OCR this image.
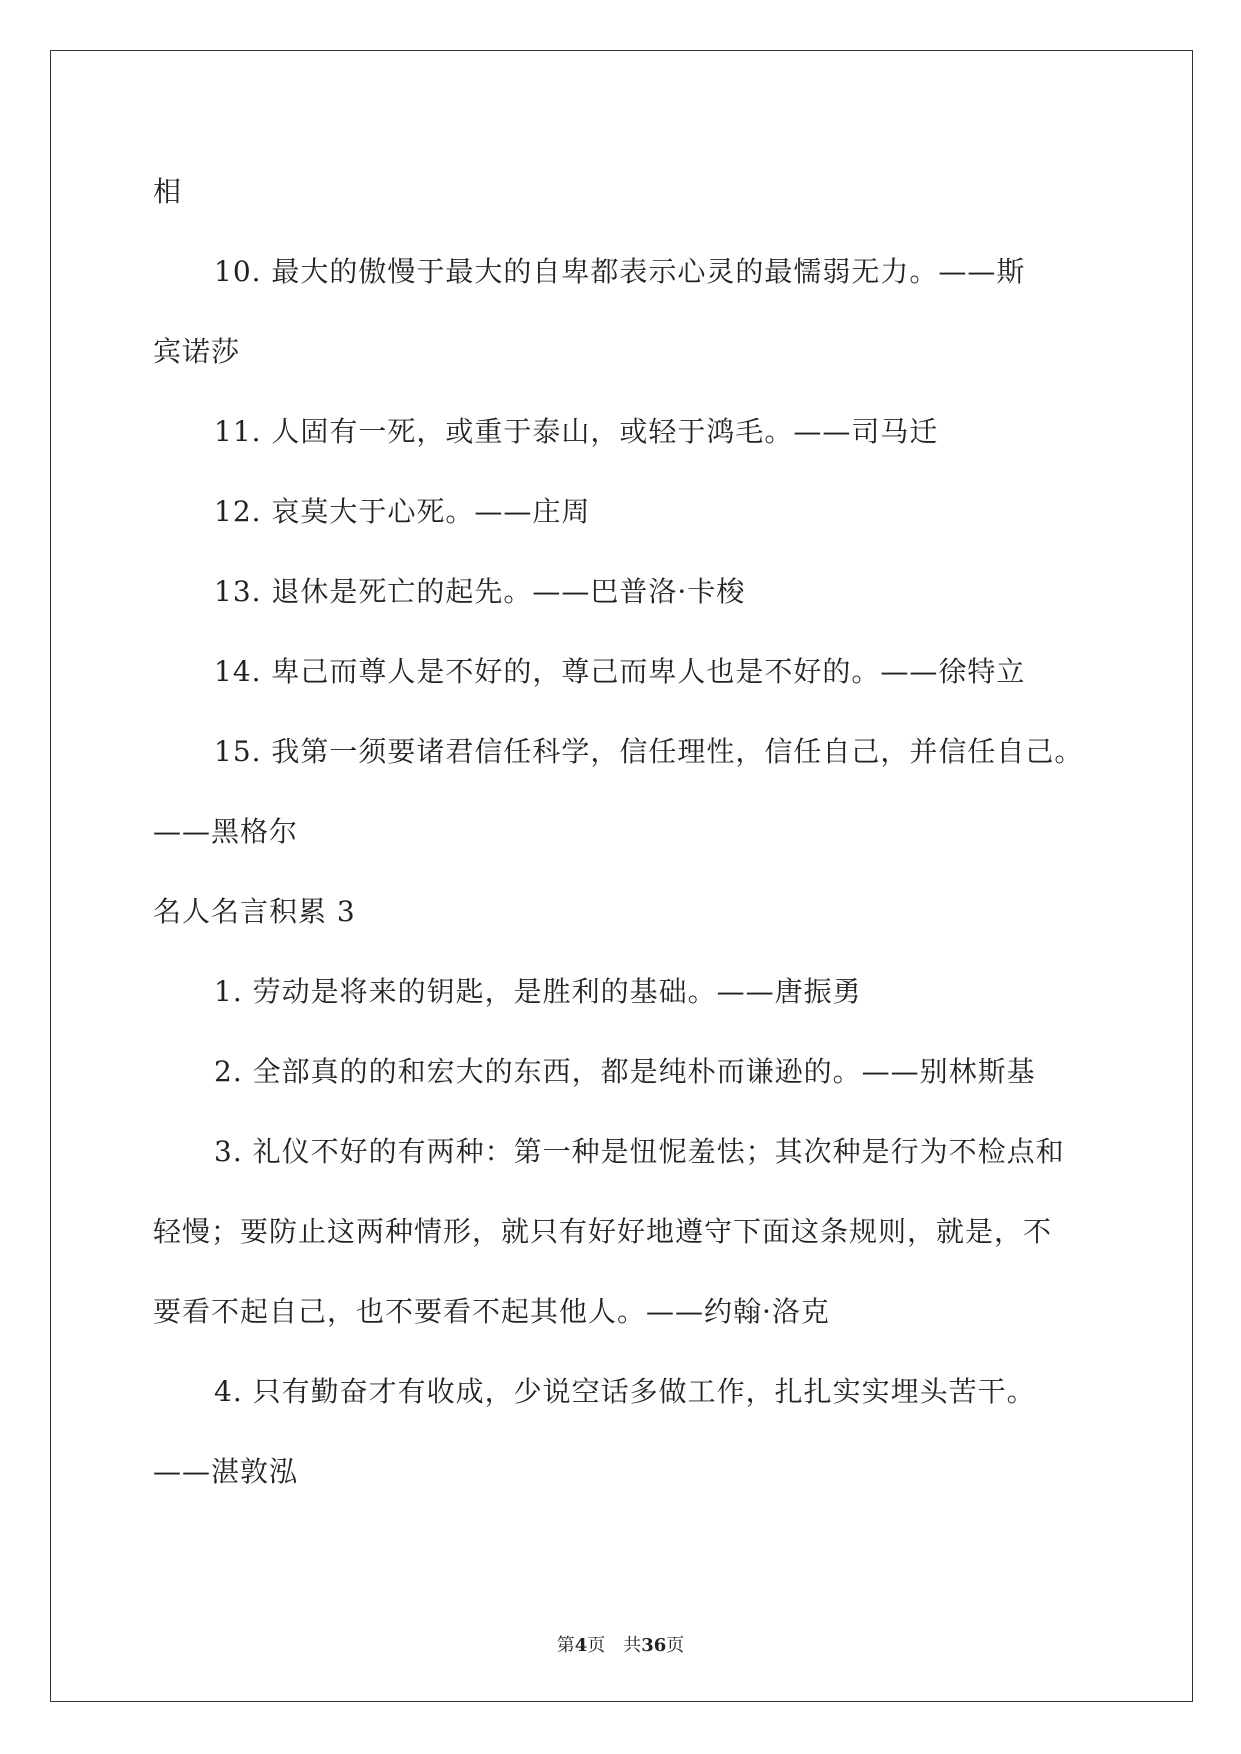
相
10. 最大的傲慢于最大的自卑都表示心灵的最懦弱无力。——斯
宾诺莎
11. 人固有一死，或重于泰山，或轻于鸿毛。——司马迁
12. 哀莫大于心死。——庄周
13. 退休是死亡的起先。——巴普洛·卡梭
14. 卑己而尊人是不好的，尊己而卑人也是不好的。——徐特立
15. 我第一须要诸君信任科学，信任理性，信任自己，并信任自己。
——黑格尔
名人名言积累 3
1. 劳动是将来的钥匙，是胜利的基础。——唐振勇
2. 全部真的的和宏大的东西，都是纯朴而谦逊的。——别林斯基
3. 礼仪不好的有两种：第一种是忸怩羞怯；其次种是行为不检点和
轻慢；要防止这两种情形，就只有好好地遵守下面这条规则，就是，不
要看不起自己，也不要看不起其他人。——约翰·洛克
4. 只有勤奋才有收成，少说空话多做工作，扎扎实实埋头苦干。
——湛敦泓
第4页　共36页
